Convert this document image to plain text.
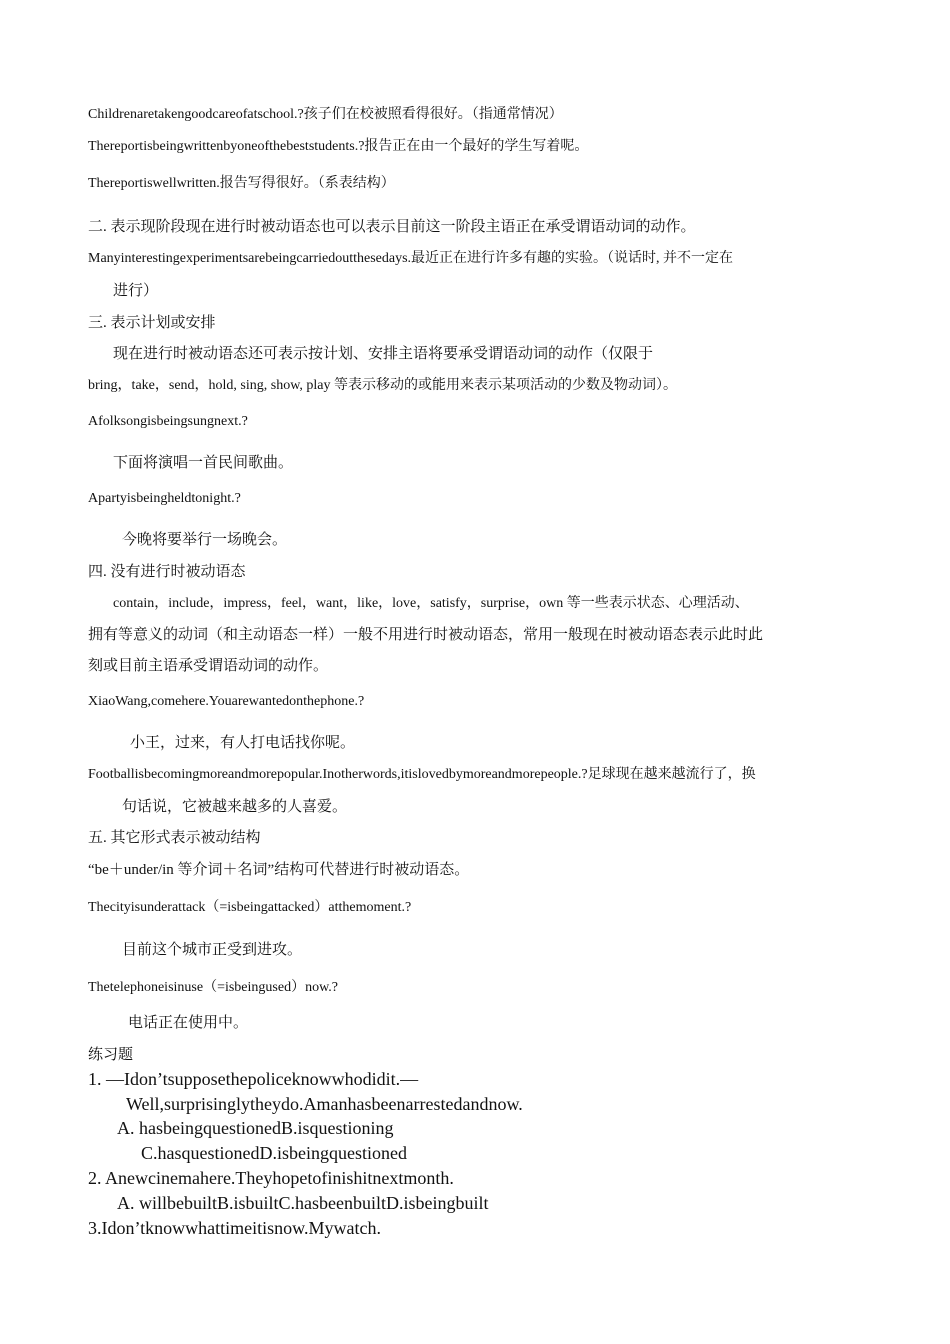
Childrenaretakengoodcareofatschool.?孩子们在校被照看得很好。（指通常情况）
Thereportisbeingwrittenbyoneofthebeststudents.?报告正在由一个最好的学生写着呢。
Thereportiswellwritten.报告写得很好。（系表结构）
二. 表示现阶段现在进行时被动语态也可以表示目前这一阶段主语正在承受谓语动词的动作。
Manyinterestingexperimentsarebeingcarriedoutthesedays.最近正在进行许多有趣的实验。（说话时, 并不一定在
进行）
三. 表示计划或安排
现在进行时被动语态还可表示按计划、安排主语将要承受谓语动词的动作（仅限于
bring，take，send，hold, sing, show, play 等表示移动的或能用来表示某项活动的少数及物动词）。
Afolksongisbeingsungnext.?
下面将演唱一首民间歌曲。
Apartyisbeingheldtonight.?
今晚将要举行一场晚会。
四. 没有进行时被动语态
contain，include，impress，feel，want，like，love，satisfy，surprise，own 等一些表示状态、心理活动、
拥有等意义的动词（和主动语态一样）一般不用进行时被动语态，常用一般现在时被动语态表示此时此
刻或目前主语承受谓语动词的动作。
XiaoWang,comehere.Youarewantedonthephone.?
小王，过来，有人打电话找你呢。
Footballisbecomingmoreandmorepopular.Inotherwords,itislovedbymoreandmorepeople.?足球现在越来越流行了，换
句话说，它被越来越多的人喜爱。
五. 其它形式表示被动结构
“be＋under/in 等介词＋名词”结构可代替进行时被动语态。
Thecityisunderattack（=isbeingattacked）atthemoment.?
目前这个城市正受到进攻。
Thetelephoneisinuse（=isbeingused）now.?
电话正在使用中。
练习题
1. —Idon’tsupposethepoliceknowwhodidit.—
Well,surprisinglytheydo.Amanhasbeenarrestedandnow.
A. hasbeingquestionedB.isquestioning
C.hasquestionedD.isbeingquestioned
2. Anewcinemahere.Theyhopetofinishitnextmonth.
A. willbebuiltB.isbuiltC.hasbeenbuiltD.isbeingbuilt
3.Idon’tknowwhattimeitisnow.Mywatch.
